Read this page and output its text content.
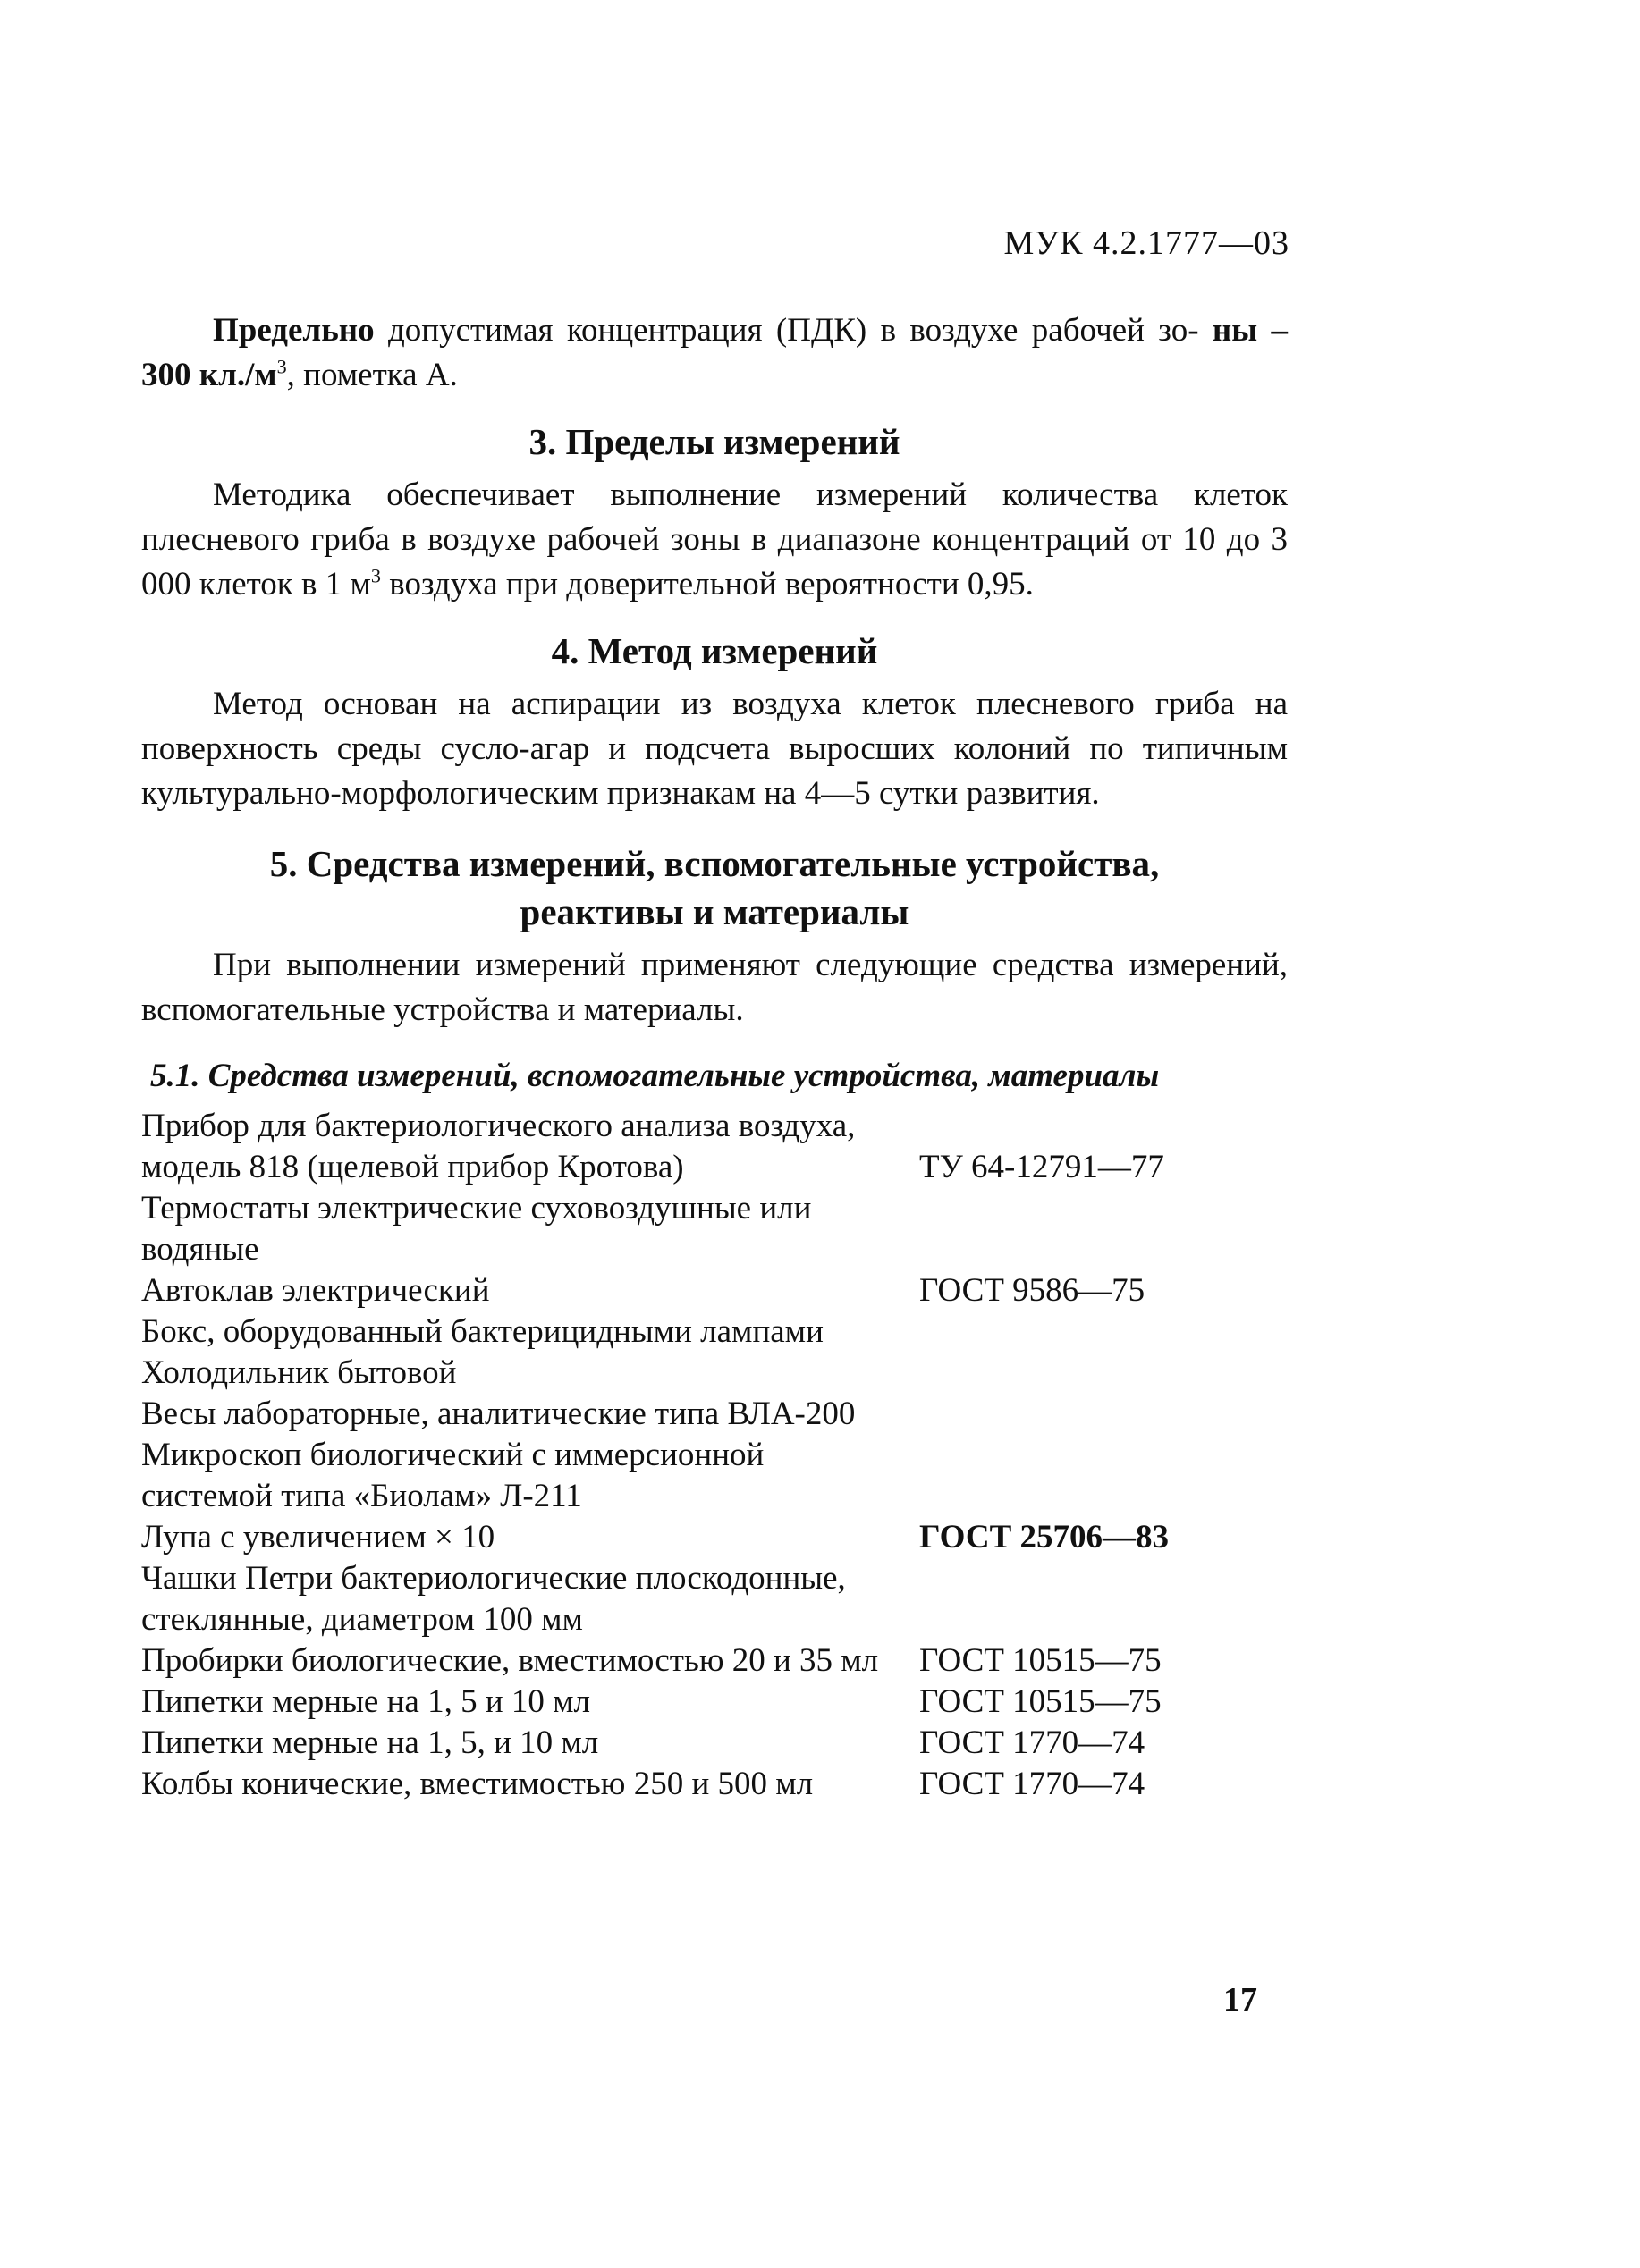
МУК 4.2.1777—03

Предельно допустимая концентрация (ПДК) в воздухе рабочей зо- ны – 300 $кл./м^3$, пометка А.

3. Пределы измерений

Методика обеспечивает выполнение измерений количества клеток плесневого гриба в воздухе рабочей зоны в диапазоне концентраций от 10 до 3 000 клеток в 1 $м^3$ воздуха при доверительной вероятности 0,95.

4. Метод измерений

Метод основан на аспирации из воздуха клеток плесневого гриба на поверхность среды сусло-агар и подсчета выросших колоний по типичным культурально-морфологическим признакам на 4—5 сутки развития.

5. Средства измерений, вспомогательные устройства,
реактивы и материалы

При выполнении измерений применяют следующие средства измерений, вспомогательные устройства и материалы.

5.1. Средства измерений, вспомогательные устройства, материалы
Прибор для бактериологического анализа воздуха, модель 818 (щелевой прибор Кротова)	ТУ 64-12791—77
Термостаты электрические суховоздушные или водяные	
Автоклав электрический	ГОСТ 9586—75
Бокс, оборудованный бактерицидными лампами	
Холодильник бытовой	
Весы лабораторные, аналитические типа ВЛА-200	
Микроскоп биологический с иммерсионной системой типа «Биолам» Л-211	
Лупа с увеличением × 10	ГОСТ 25706—83
Чашки Петри бактериологические плоскодонные, стеклянные, диаметром 100 мм	
Пробирки биологические, вместимостью 20 и 35 мл	ГОСТ 10515—75
Пипетки мерные на 1, 5 и 10 мл	ГОСТ 10515—75
Пипетки мерные на 1, 5, и 10 мл	ГОСТ 1770—74
Колбы конические, вместимостью 250 и 500 мл	ГОСТ 1770—74
17
